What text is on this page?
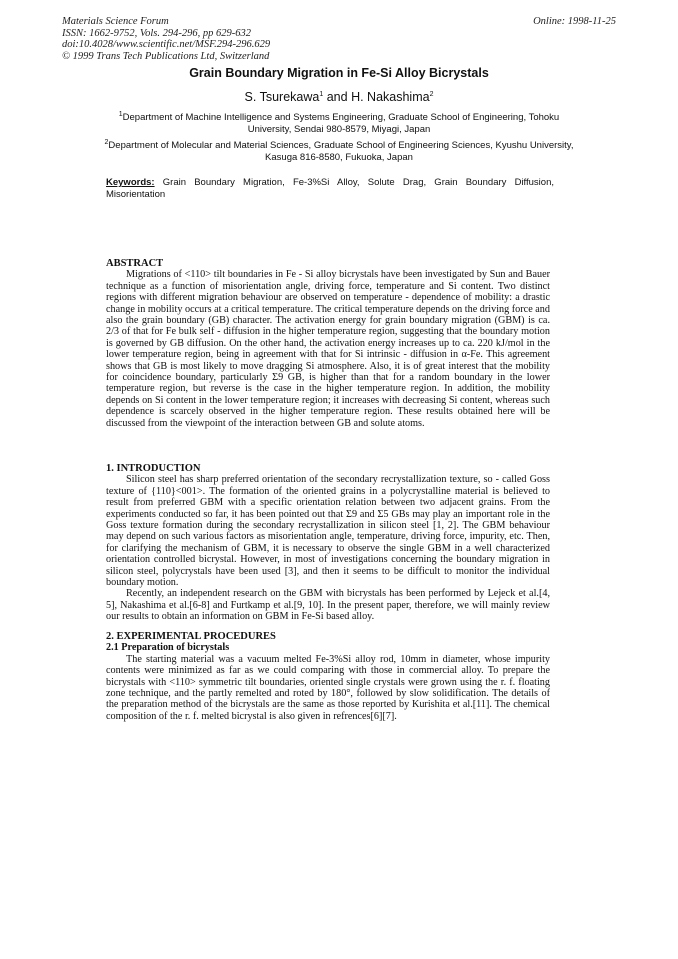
Materials Science Forum
ISSN: 1662-9752, Vols. 294-296, pp 629-632
doi:10.4028/www.scientific.net/MSF.294-296.629
© 1999 Trans Tech Publications Ltd, Switzerland
Online: 1998-11-25
Grain Boundary Migration in Fe-Si Alloy Bicrystals
S. Tsurekawa$^1$ and H. Nakashima$^2$
$^1$Department of Machine Intelligence and Systems Engineering, Graduate School of Engineering, Tohoku University, Sendai 980-8579, Miyagi, Japan
$^2$Department of Molecular and Material Sciences, Graduate School of Engineering Sciences, Kyushu University, Kasuga 816-8580, Fukuoka, Japan
Keywords: Grain Boundary Migration, Fe-3%Si Alloy, Solute Drag, Grain Boundary Diffusion, Misorientation
ABSTRACT

Migrations of <110> tilt boundaries in Fe - Si alloy bicrystals have been investigated by Sun and Bauer technique as a function of misorientation angle, driving force, temperature and Si content. Two distinct regions with different migration behaviour are observed on temperature - dependence of mobility: a drastic change in mobility occurs at a critical temperature. The critical temperature depends on the driving force and also the grain boundary (GB) character. The activation energy for grain boundary migration (GBM) is ca. 2/3 of that for Fe bulk self - diffusion in the higher temperature region, suggesting that the boundary motion is governed by GB diffusion. On the other hand, the activation energy increases up to ca. 220 kJ/mol in the lower temperature region, being in agreement with that for Si intrinsic - diffusion in α-Fe. This agreement shows that GB is most likely to move dragging Si atmosphere. Also, it is of great interest that the mobility for coincidence boundary, particularly Σ9 GB, is higher than that for a random boundary in the lower temperature region, but reverse is the case in the higher temperature region. In addition, the mobility depends on Si content in the lower temperature region; it increases with decreasing Si content, whereas such dependence is scarcely observed in the higher temperature region. These results obtained here will be discussed from the viewpoint of the interaction between GB and solute atoms.

1. INTRODUCTION

Silicon steel has sharp preferred orientation of the secondary recrystallization texture, so - called Goss texture of {110}<001>. The formation of the oriented grains in a polycrystalline material is believed to result from preferred GBM with a specific orientation relation between two adjacent grains. From the experiments conducted so far, it has been pointed out that Σ9 and Σ5 GBs may play an important role in the Goss texture formation during the secondary recrystallization in silicon steel [1, 2]. The GBM behaviour may depend on such various factors as misorientation angle, temperature, driving force, impurity, etc. Then, for clarifying the mechanism of GBM, it is necessary to observe the single GBM in a well characterized orientation controlled bicrystal. However, in most of investigations concerning the boundary migration in silicon steel, polycrystals have been used [3], and then it seems to be difficult to monitor the individual boundary motion.

Recently, an independent research on the GBM with bicrystals has been performed by Lejeck et al.[4, 5], Nakashima et al.[6-8] and Furtkamp et al.[9, 10]. In the present paper, therefore, we will mainly review our results to obtain an information on GBM in Fe-Si based alloy.

2. EXPERIMENTAL PROCEDURES
2.1 Preparation of bicrystals

The starting material was a vacuum melted Fe-3%Si alloy rod, 10mm in diameter, whose impurity contents were minimized as far as we could comparing with those in commercial alloy. To prepare the bicrystals with <110> symmetric tilt boundaries, oriented single crystals were grown using the r. f. floating zone technique, and the partly remelted and roted by 180°, followed by slow solidification. The details of the preparation method of the bicrystals are the same as those reported by Kurishita et al.[11]. The chemical composition of the r. f. melted bicrystal is also given in refrences[6][7].
